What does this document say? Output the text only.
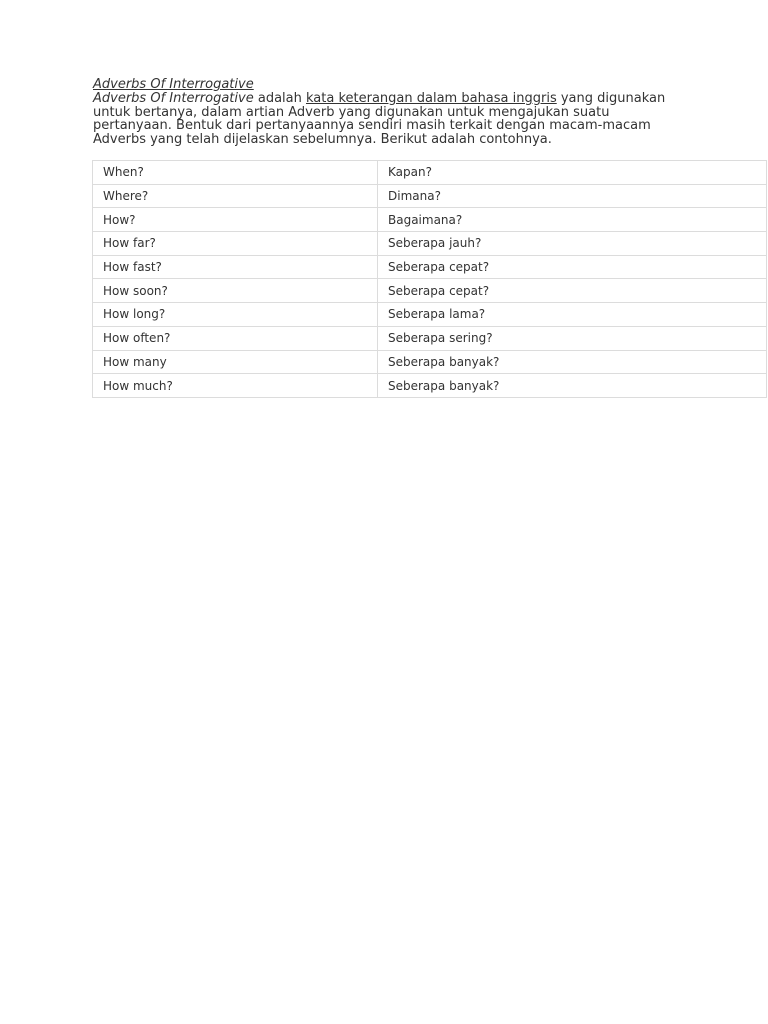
Adverbs Of Interrogative

Adverbs Of Interrogative adalah kata keterangan dalam bahasa inggris yang digunakan untuk bertanya, dalam artian Adverb yang digunakan untuk mengajukan suatu pertanyaan. Bentuk dari pertanyaannya sendiri masih terkait dengan macam-macam Adverbs yang telah dijelaskan sebelumnya. Berikut adalah contohnya.

When?	Kapan?
Where?	Dimana?
How?	Bagaimana?
How far?	Seberapa jauh?
How fast?	Seberapa cepat?
How soon?	Seberapa cepat?
How long?	Seberapa lama?
How often?	Seberapa sering?
How many	Seberapa banyak?
How much?	Seberapa banyak?
